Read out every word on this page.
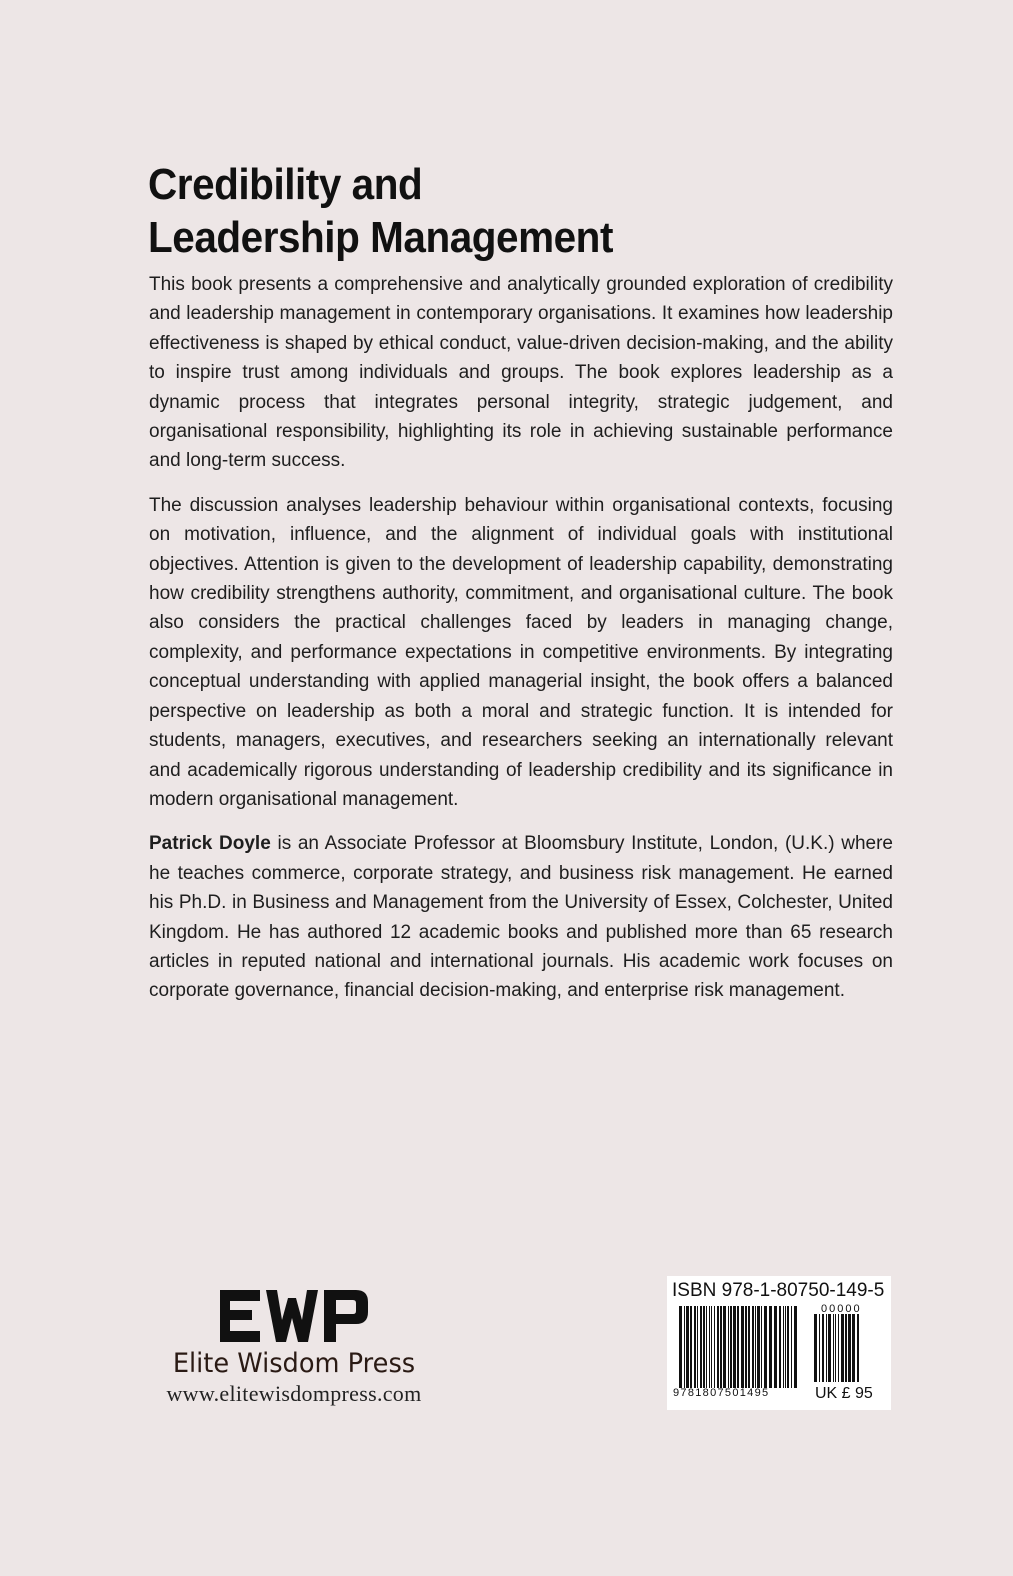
Credibility and
Leadership Management

This book presents a comprehensive and analytically grounded exploration of credibility and leadership management in contemporary organisations. It examines how leadership effectiveness is shaped by ethical conduct, value-driven decision-making, and the ability to inspire trust among individuals and groups. The book explores leadership as a dynamic process that integrates personal integrity, strategic judgement, and organisational responsibility, highlighting its role in achieving sustainable performance and long-term success.

The discussion analyses leadership behaviour within organisational contexts, focusing on motivation, influence, and the alignment of individual goals with institutional objectives. Attention is given to the development of leadership capability, demonstrating how credibility strengthens authority, commitment, and organisational culture. The book also considers the practical challenges faced by leaders in managing change, complexity, and performance expectations in competitive environments. By integrating conceptual understanding with applied managerial insight, the book offers a balanced perspective on leadership as both a moral and strategic function. It is intended for students, managers, executives, and researchers seeking an internationally relevant and academically rigorous understanding of leadership credibility and its significance in modern organisational management.

Patrick Doyle is an Associate Professor at Bloomsbury Institute, London, (U.K.) where he teaches commerce, corporate strategy, and business risk management. He earned his Ph.D. in Business and Management from the University of Essex, Colchester, United Kingdom. He has authored 12 academic books and published more than 65 research articles in reputed national and international journals. His academic work focuses on corporate governance, financial decision-making, and enterprise risk management.

Elite Wisdom Press
www.elitewisdompress.com
ISBN 978-1-80750-149-5
00000
9781807501495	UK £ 95
